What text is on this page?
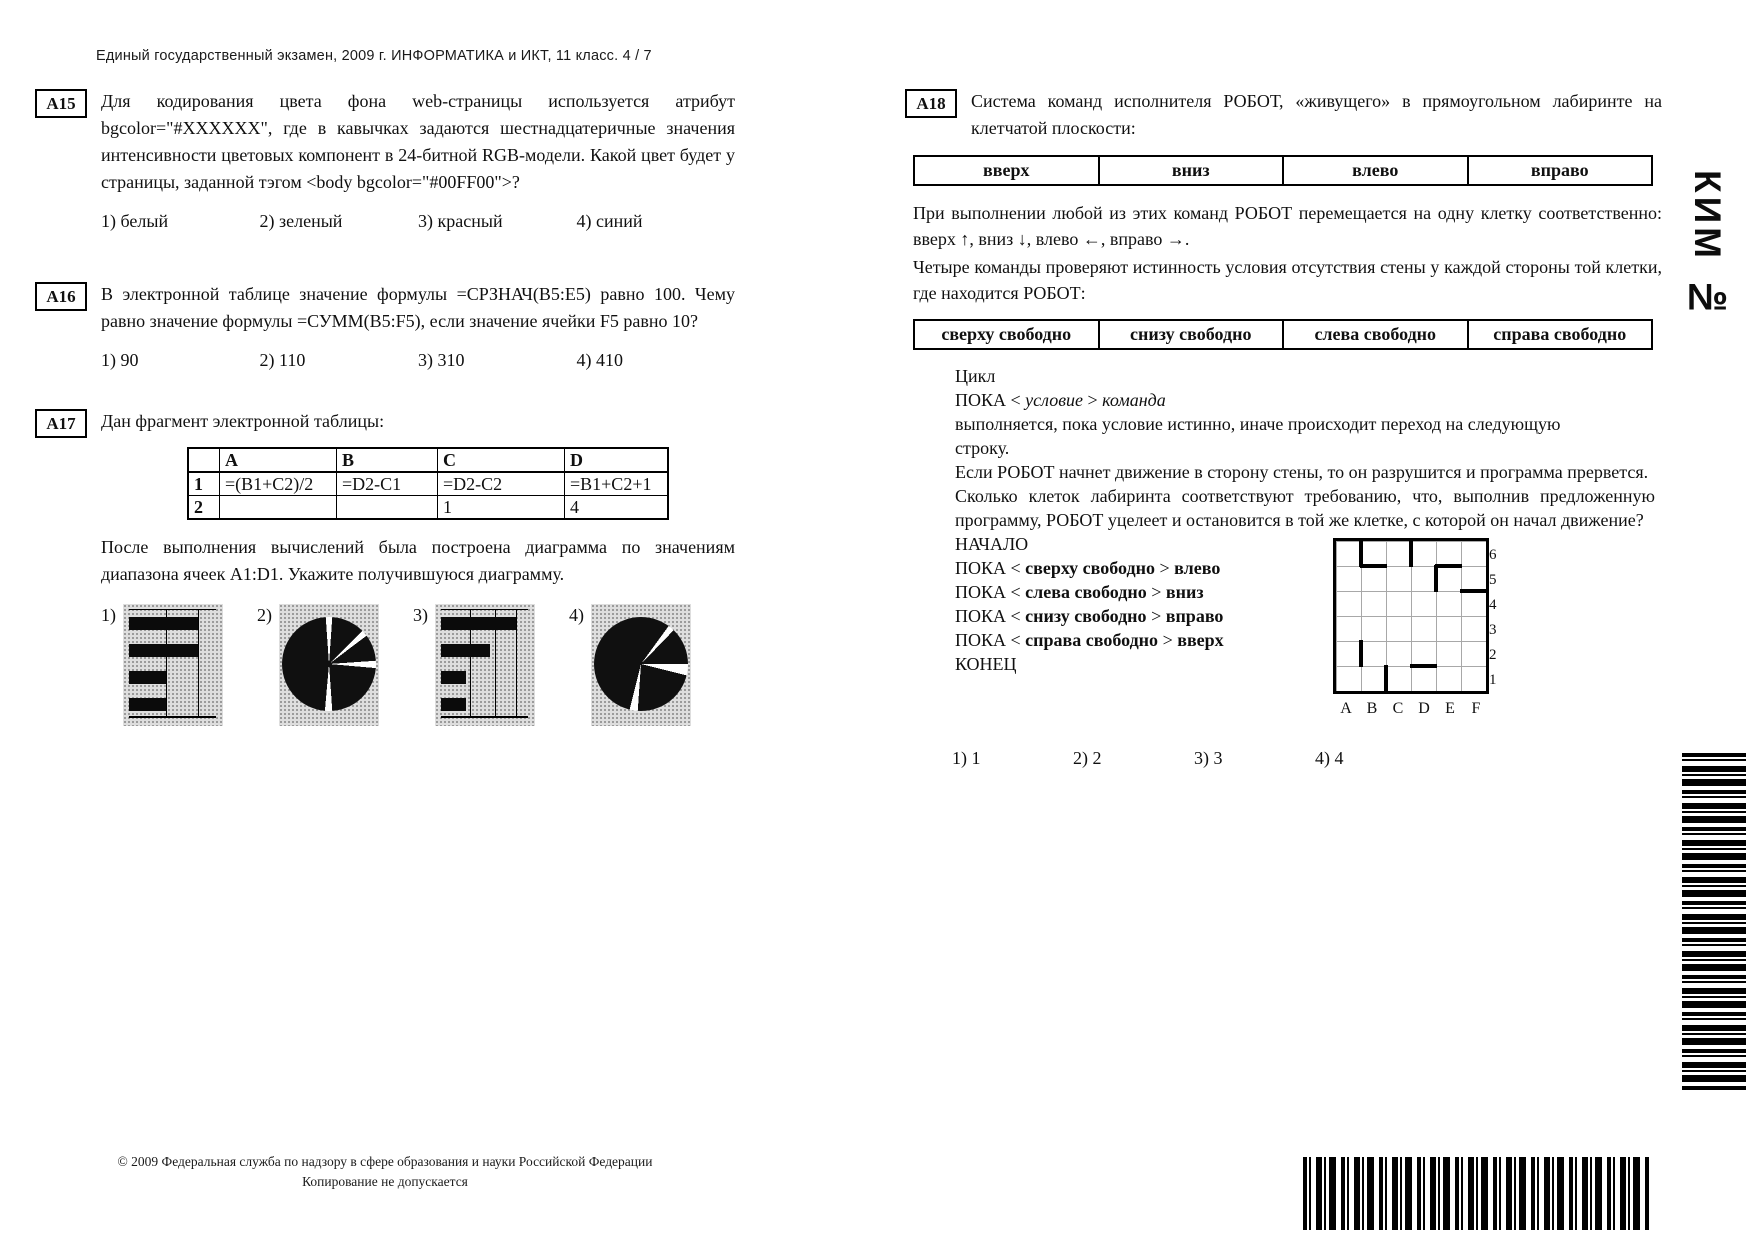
Единый государственный экзамен, 2009 г. ИНФОРМАТИКА и ИКТ, 11 класс. 4 / 7
А15	Для кодирования цвета фона web-страницы используется атрибут bgcolor="#XXXXXX", где в кавычках задаются шестнадцатеричные значения интенсивности цветовых компонент в 24-битной RGB-модели. Какой цвет будет у страницы, заданной тэгом <body bgcolor="#00FF00">?
1) белый	2) зеленый	3) красный	4) синий
А16	В электронной таблице значение формулы =СРЗНАЧ(B5:E5) равно 100. Чему равно значение формулы =СУММ(B5:F5), если значение ячейки F5 равно 10?
1) 90	2) 110	3) 310	4) 410
А17	Дан фрагмент электронной таблицы:
	A	B	C	D
1	=(B1+C2)/2	=D2-C1	=D2-C2	=B1+C2+1
2			1	4
После выполнения вычислений была построена диаграмма по значениям диапазона ячеек A1:D1. Укажите получившуюся диаграмму.
1)	2)	3)	4)
А18	Система команд исполнителя РОБОТ, «живущего» в прямоугольном лабиринте на клетчатой плоскости:
вверх	вниз	влево	вправо
При выполнении любой из этих команд РОБОТ перемещается на одну клетку соответственно: вверх ↑, вниз ↓, влево ←, вправо →.
Четыре команды проверяют истинность условия отсутствия стены у каждой стороны той клетки, где находится РОБОТ:
сверху свободно	снизу свободно	слева свободно	справа свободно

Цикл

ПОКА < условие > команда

выполняется, пока условие истинно, иначе происходит переход на следующую строку.

Если РОБОТ начнет движение в сторону стены, то он разрушится и программа прервется.

Сколько клеток лабиринта соответствуют требованию, что, выполнив предложенную программу, РОБОТ уцелеет и остановится в той же клетке, с которой он начал движение?

НАЧАЛО

ПОКА < сверху свободно > влево

ПОКА < слева свободно > вниз

ПОКА < снизу свободно > вправо

ПОКА < справа свободно > вверх

КОНЕЦ

6
5
4
3
2
1
A B C D E	F
1) 1	2) 2	3) 3	4) 4
КИМ №
© 2009 Федеральная служба по надзору в сфере образования и науки Российской Федерации
Копирование не допускается
